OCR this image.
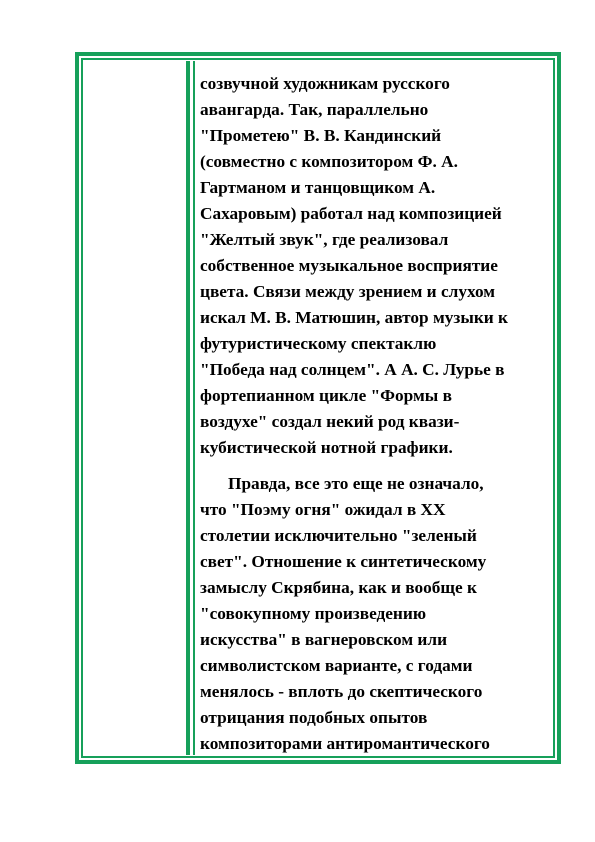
созвучной художникам русского
авангарда. Так, параллельно
"Прометею" В. В. Кандинский
(совместно с композитором Ф. А.
Гартманом и танцовщиком А.
Сахаровым) работал над композицией
"Желтый звук", где реализовал
собственное музыкальное восприятие
цвета. Связи между зрением и слухом
искал М. В. Матюшин, автор музыки к
футуристическому спектаклю
"Победа над солнцем". А А. С. Лурье в
фортепианном цикле "Формы в
воздухе" создал некий род квази-
кубистической нотной графики.

Правда, все это еще не означало,
что "Поэму огня" ожидал в XX
столетии исключительно "зеленый
свет". Отношение к синтетическому
замыслу Скрябина, как и вообще к
"совокупному произведению
искусства" в вагнеровском или
символистском варианте, с годами
менялось - вплоть до скептического
отрицания подобных опытов
композиторами антиромантического
